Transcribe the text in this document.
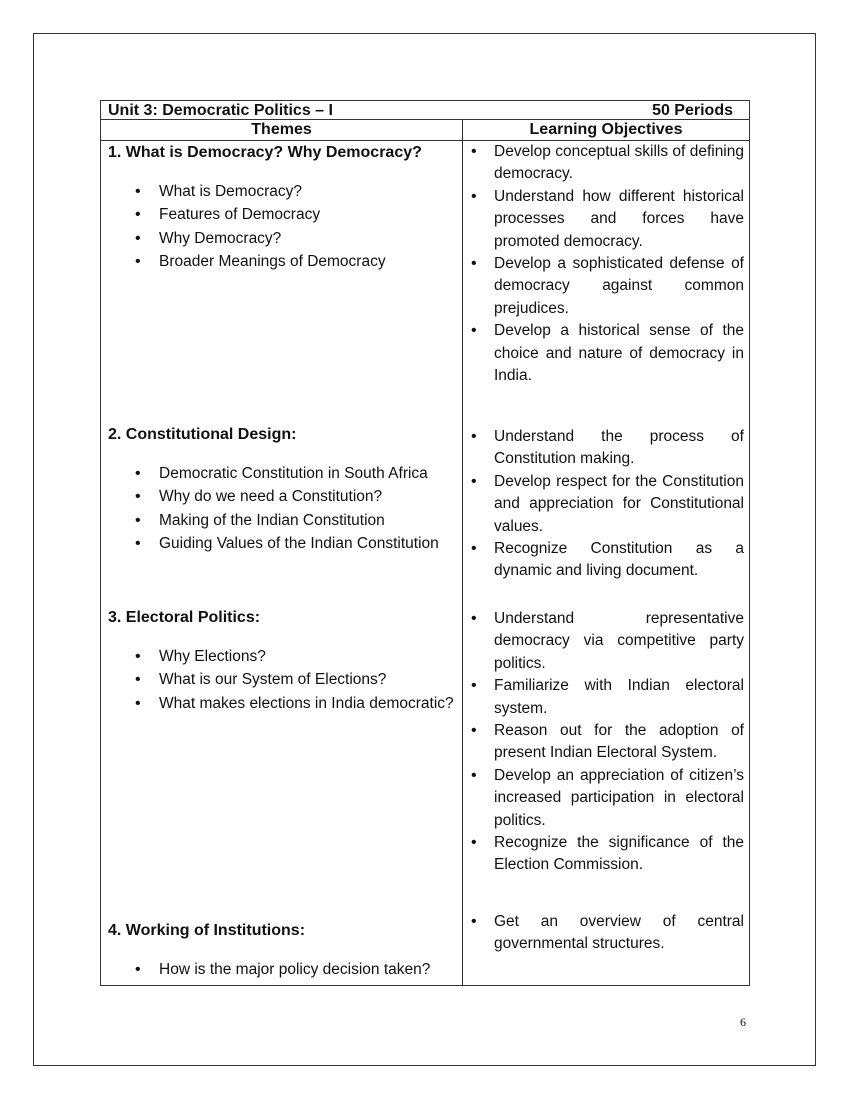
Unit 3: Democratic Politics – I	50 Periods
Themes	Learning Objectives

1. What is Democracy? Why Democracy?

• What is Democracy?
• Features of Democracy
• Why Democracy?
• Broader Meanings of Democracy
• Develop conceptual skills of defining democracy.
• Understand how different historical processes and forces have promoted democracy.
• Develop a sophisticated defense of democracy against common prejudices.
• Develop a historical sense of the choice and nature of democracy in India.

2. Constitutional Design:

• Democratic Constitution in South Africa
• Why do we need a Constitution?
• Making of the Indian Constitution
• Guiding Values of the Indian Constitution
• Understand the process of Constitution making.
• Develop respect for the Constitution and appreciation for Constitutional values.
• Recognize Constitution as a dynamic and living document.

3. Electoral Politics:

• Why Elections?
• What is our System of Elections?
• What makes elections in India democratic?
• Understand representative democracy via competitive party politics.
• Familiarize with Indian electoral system.
• Reason out for the adoption of present Indian Electoral System.
• Develop an appreciation of citizen’s increased participation in electoral politics.
• Recognize the significance of the Election Commission.

4. Working of Institutions:

• How is the major policy decision taken?
• Get an overview of central governmental structures.
6
